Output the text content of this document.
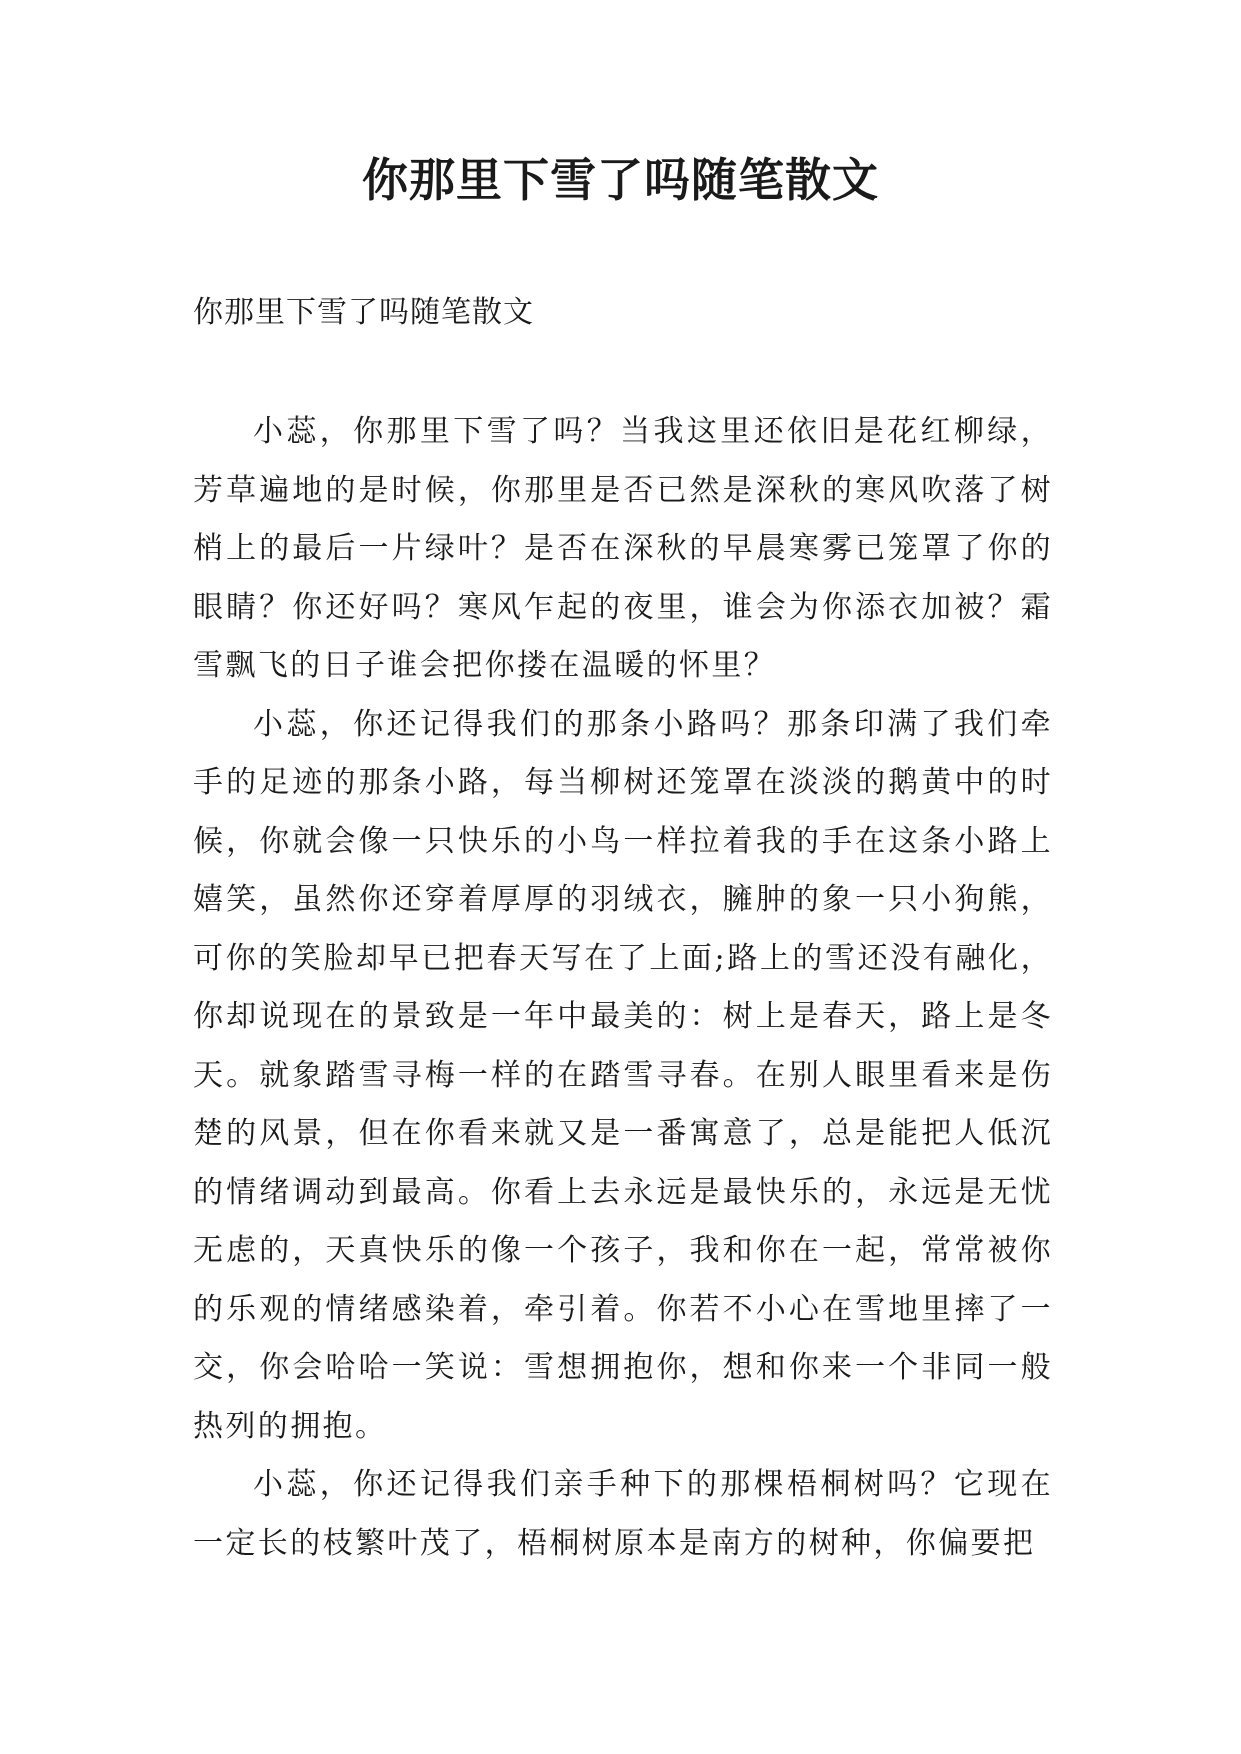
你那里下雪了吗随笔散文

你那里下雪了吗随笔散文

小蕊，你那里下雪了吗？当我这里还依旧是花红柳绿，芳草遍地的是时候，你那里是否已然是深秋的寒风吹落了树梢上的最后一片绿叶？是否在深秋的早晨寒雾已笼罩了你的眼睛？你还好吗？寒风乍起的夜里，谁会为你添衣加被？霜雪飘飞的日子谁会把你搂在温暖的怀里？

小蕊，你还记得我们的那条小路吗？那条印满了我们牵手的足迹的那条小路，每当柳树还笼罩在淡淡的鹅黄中的时候，你就会像一只快乐的小鸟一样拉着我的手在这条小路上嬉笑，虽然你还穿着厚厚的羽绒衣，臃肿的象一只小狗熊，可你的笑脸却早已把春天写在了上面;路上的雪还没有融化，你却说现在的景致是一年中最美的：树上是春天，路上是冬天。就象踏雪寻梅一样的在踏雪寻春。在别人眼里看来是伤楚的风景，但在你看来就又是一番寓意了，总是能把人低沉的情绪调动到最高。你看上去永远是最快乐的，永远是无忧无虑的，天真快乐的像一个孩子，我和你在一起，常常被你的乐观的情绪感染着，牵引着。你若不小心在雪地里摔了一交，你会哈哈一笑说：雪想拥抱你，想和你来一个非同一般热列的拥抱。

小蕊，你还记得我们亲手种下的那棵梧桐树吗？它现在一定长的枝繁叶茂了，梧桐树原本是南方的树种，你偏要把
